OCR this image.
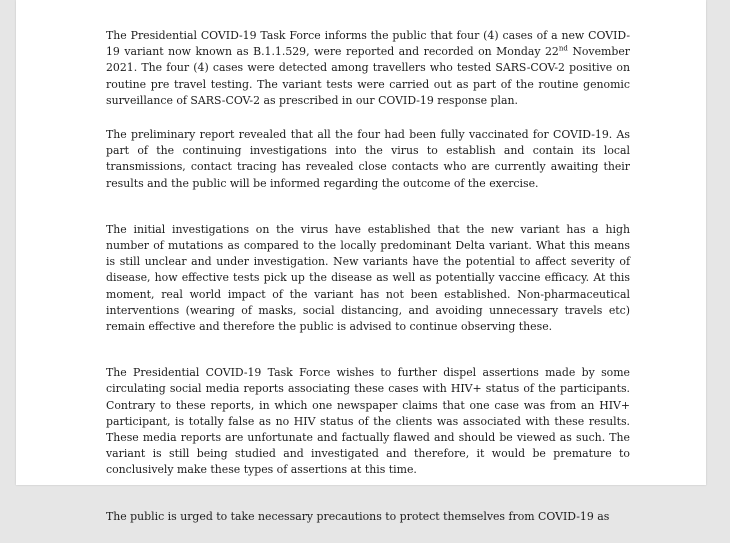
The Presidential COVID-19 Task Force informs the public that four (4) cases of a new COVID-19 variant now known as B.1.1.529, were reported and recorded on Monday 22nd November 2021. The four (4) cases were detected among travellers who tested SARS-COV-2 positive on routine pre travel testing. The variant tests were carried out as part of the routine genomic surveillance of SARS-COV-2 as prescribed in our COVID-19 response plan.

The preliminary report revealed that all the four had been fully vaccinated for COVID-19. As part of the continuing investigations into the virus to establish and contain its local transmissions, contact tracing has revealed close contacts who are currently awaiting their results and the public will be informed regarding the outcome of the exercise.

The initial investigations on the virus have established that the new variant has a high number of mutations as compared to the locally predominant Delta variant. What this means is still unclear and under investigation. New variants have the potential to affect severity of disease, how effective tests pick up the disease as well as potentially vaccine efficacy. At this moment, real world impact of the variant has not been established. Non-pharmaceutical interventions (wearing of masks, social distancing, and avoiding unnecessary travels etc) remain effective and therefore the public is advised to continue observing these.

The Presidential COVID-19 Task Force wishes to further dispel assertions made by some circulating social media reports associating these cases with HIV+ status of the participants. Contrary to these reports, in which one newspaper claims that one case was from an HIV+ participant, is totally false as no HIV status of the clients was associated with these results. These media reports are unfortunate and factually flawed and should be viewed as such. The variant is still being studied and investigated and therefore, it would be premature to conclusively make these types of assertions at this time.

The public is urged to take necessary precautions to protect themselves from COVID-19 as
